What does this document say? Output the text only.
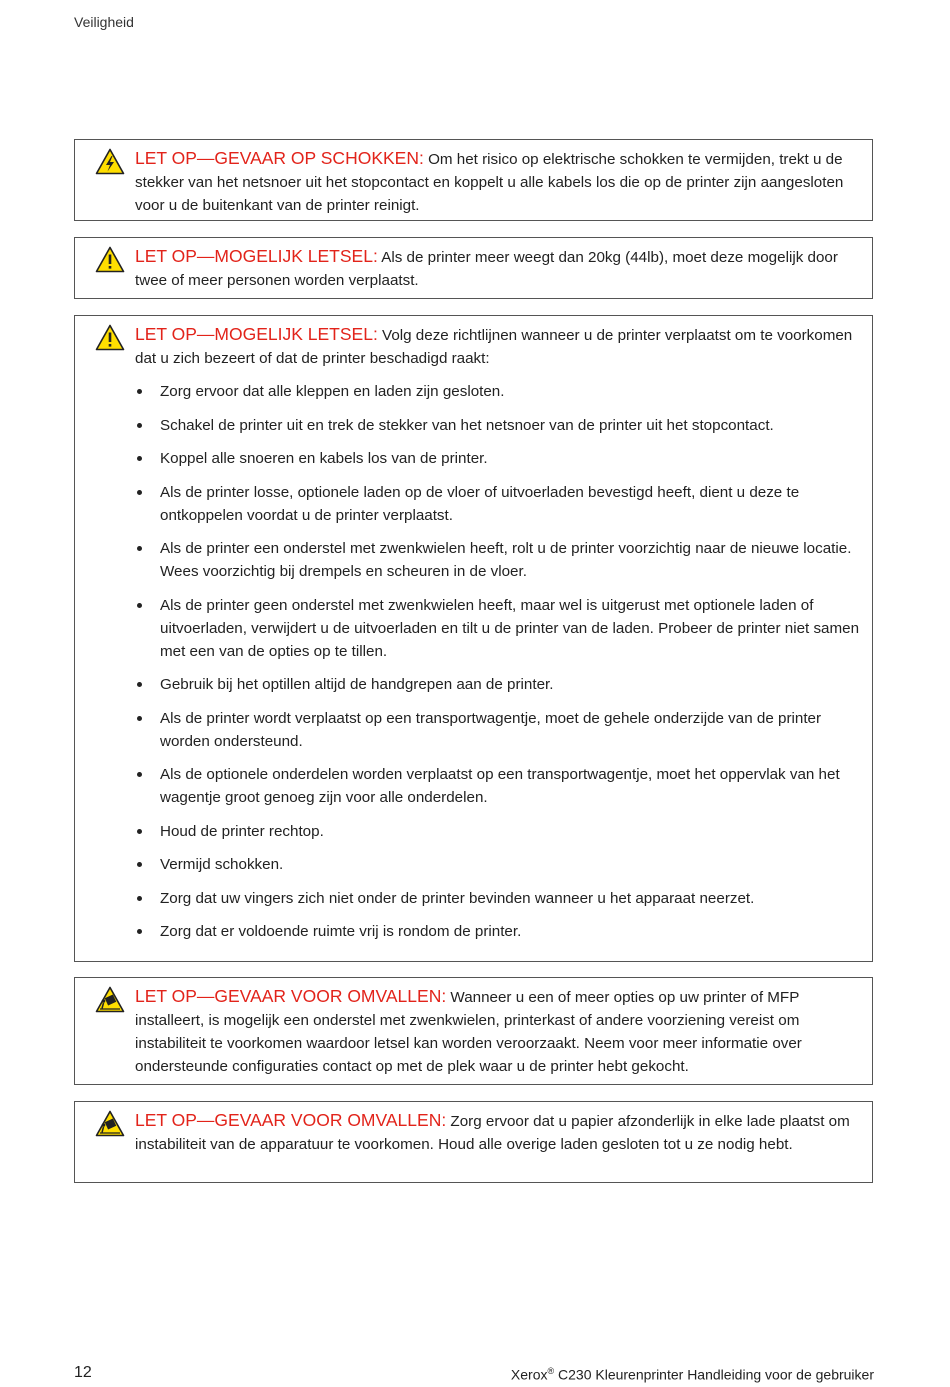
Veiligheid

LET OP—GEVAAR OP SCHOKKEN: Om het risico op elektrische schokken te vermijden, trekt u de stekker van het netsnoer uit het stopcontact en koppelt u alle kabels los die op de printer zijn aangesloten voor u de buitenkant van de printer reinigt.

LET OP—MOGELIJK LETSEL: Als de printer meer weegt dan 20kg (44lb), moet deze mogelijk door twee of meer personen worden verplaatst.

LET OP—MOGELIJK LETSEL: Volg deze richtlijnen wanneer u de printer verplaatst om te voorkomen dat u zich bezeert of dat de printer beschadigd raakt:

Zorg ervoor dat alle kleppen en laden zijn gesloten.
Schakel de printer uit en trek de stekker van het netsnoer van de printer uit het stopcontact.
Koppel alle snoeren en kabels los van de printer.
Als de printer losse, optionele laden op de vloer of uitvoerladen bevestigd heeft, dient u deze te ontkoppelen voordat u de printer verplaatst.
Als de printer een onderstel met zwenkwielen heeft, rolt u de printer voorzichtig naar de nieuwe locatie. Wees voorzichtig bij drempels en scheuren in de vloer.
Als de printer geen onderstel met zwenkwielen heeft, maar wel is uitgerust met optionele laden of uitvoerladen, verwijdert u de uitvoerladen en tilt u de printer van de laden. Probeer de printer niet samen met een van de opties op te tillen.
Gebruik bij het optillen altijd de handgrepen aan de printer.
Als de printer wordt verplaatst op een transportwagentje, moet de gehele onderzijde van de printer worden ondersteund.
Als de optionele onderdelen worden verplaatst op een transportwagentje, moet het oppervlak van het wagentje groot genoeg zijn voor alle onderdelen.
Houd de printer rechtop.
Vermijd schokken.
Zorg dat uw vingers zich niet onder de printer bevinden wanneer u het apparaat neerzet.
Zorg dat er voldoende ruimte vrij is rondom de printer.

LET OP—GEVAAR VOOR OMVALLEN: Wanneer u een of meer opties op uw printer of MFP installeert, is mogelijk een onderstel met zwenkwielen, printerkast of andere voorziening vereist om instabiliteit te voorkomen waardoor letsel kan worden veroorzaakt. Neem voor meer informatie over ondersteunde configuraties contact op met de plek waar u de printer hebt gekocht.

LET OP—GEVAAR VOOR OMVALLEN: Zorg ervoor dat u papier afzonderlijk in elke lade plaatst om instabiliteit van de apparatuur te voorkomen. Houd alle overige laden gesloten tot u ze nodig hebt.

12	Xerox® C230 Kleurenprinter Handleiding voor de gebruiker
